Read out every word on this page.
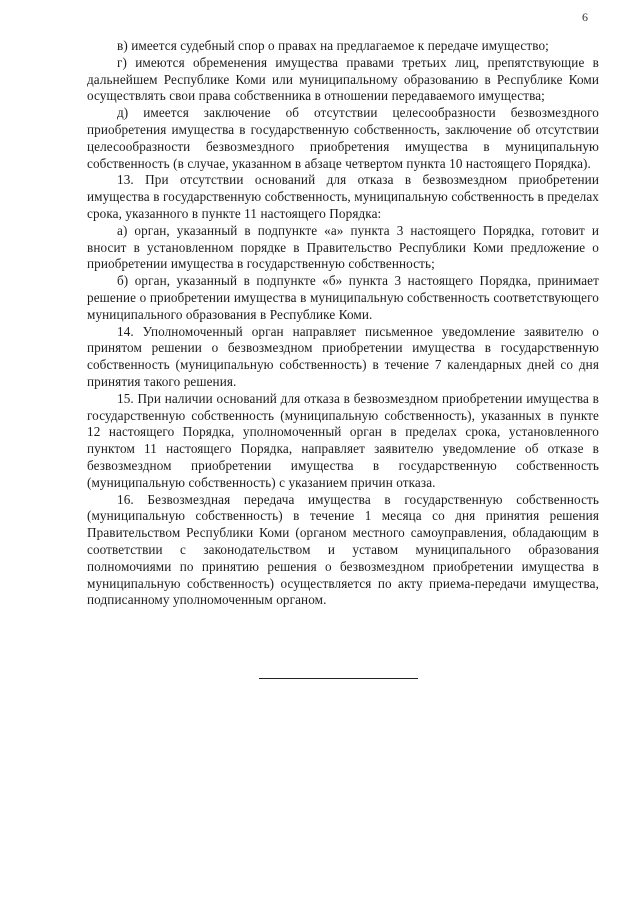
6

в) имеется судебный спор о правах на предлагаемое к передаче имущество;

г) имеются обременения имущества правами третьих лиц, препятствующие в дальнейшем Республике Коми или муниципальному образованию в Республике Коми осуществлять свои права собственника в отношении передаваемого имущества;

д) имеется заключение об отсутствии целесообразности безвозмездного приобретения имущества в государственную собственность, заключение об отсутствии целесообразности безвозмездного приобретения имущества в муниципальную собственность (в случае, указанном в абзаце четвертом пункта 10 настоящего Порядка).

13. При отсутствии оснований для отказа в безвозмездном приобретении имущества в государственную собственность, муниципальную собственность в пределах срока, указанного в пункте 11 настоящего Порядка:

а) орган, указанный в подпункте «а» пункта 3 настоящего Порядка, готовит и вносит в установленном порядке в Правительство Республики Коми предложение о приобретении имущества в государственную собственность;

б) орган, указанный в подпункте «б» пункта 3 настоящего Порядка, принимает решение о приобретении имущества в муниципальную собственность соответствующего муниципального образования в Республике Коми.

14. Уполномоченный орган направляет письменное уведомление заявителю о принятом решении о безвозмездном приобретении имущества в государственную собственность (муниципальную собственность) в течение 7 календарных дней со дня принятия такого решения.

15. При наличии оснований для отказа в безвозмездном приобретении имущества в государственную собственность (муниципальную собственность), указанных в пункте 12 настоящего Порядка, уполномоченный орган в пределах срока, установленного пунктом 11 настоящего Порядка, направляет заявителю уведомление об отказе в безвозмездном приобретении имущества в государственную собственность (муниципальную собственность) с указанием причин отказа.

16. Безвозмездная передача имущества в государственную собственность (муниципальную собственность) в течение 1 месяца со дня принятия решения Правительством Республики Коми (органом местного самоуправления, обладающим в соответствии с законодательством и уставом муниципального образования полномочиями по принятию решения о безвозмездном приобретении имущества в муниципальную собственность) осуществляется по акту приема-передачи имущества, подписанному уполномоченным органом.
